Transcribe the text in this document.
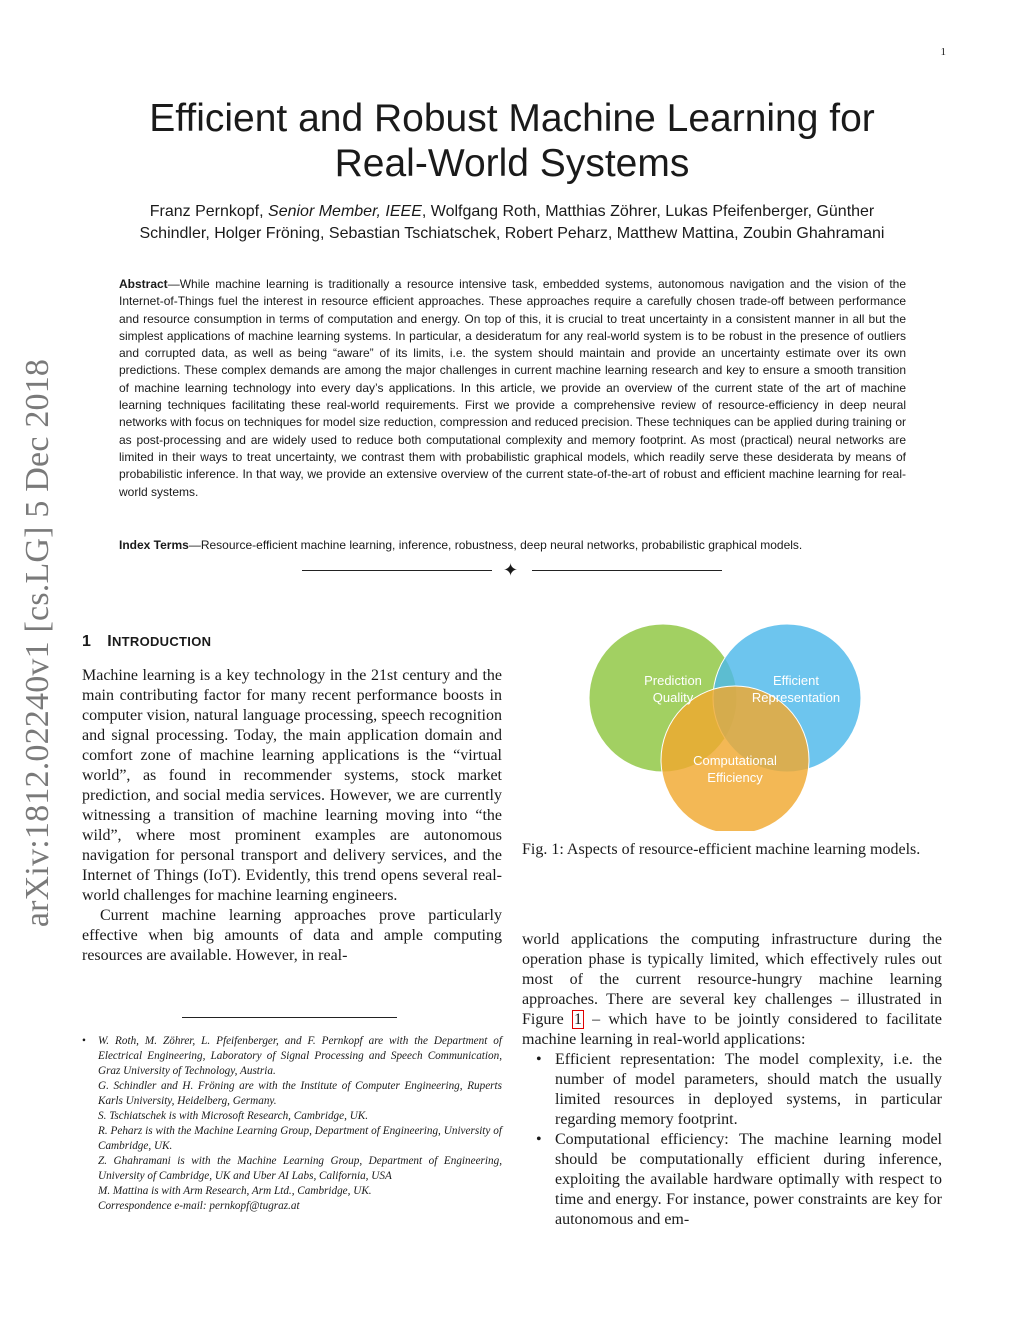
1
arXiv:1812.02240v1 [cs.LG] 5 Dec 2018
Efficient and Robust Machine Learning for
Real-World Systems
Franz Pernkopf, Senior Member, IEEE, Wolfgang Roth, Matthias Zöhrer, Lukas Pfeifenberger, Günther
Schindler, Holger Fröning, Sebastian Tschiatschek, Robert Peharz, Matthew Mattina, Zoubin Ghahramani
Abstract—While machine learning is traditionally a resource intensive task, embedded systems, autonomous navigation and the vision of the Internet-of-Things fuel the interest in resource efficient approaches. These approaches require a carefully chosen trade-off between performance and resource consumption in terms of computation and energy. On top of this, it is crucial to treat uncertainty in a consistent manner in all but the simplest applications of machine learning systems. In particular, a desideratum for any real-world system is to be robust in the presence of outliers and corrupted data, as well as being “aware” of its limits, i.e. the system should maintain and provide an uncertainty estimate over its own predictions. These complex demands are among the major challenges in current machine learning research and key to ensure a smooth transition of machine learning technology into every day’s applications. In this article, we provide an overview of the current state of the art of machine learning techniques facilitating these real-world requirements. First we provide a comprehensive review of resource-efficiency in deep neural networks with focus on techniques for model size reduction, compression and reduced precision. These techniques can be applied during training or as post-processing and are widely used to reduce both computational complexity and memory footprint. As most (practical) neural networks are limited in their ways to treat uncertainty, we contrast them with probabilistic graphical models, which readily serve these desiderata by means of probabilistic inference. In that way, we provide an extensive overview of the current state-of-the-art of robust and efficient machine learning for real-world systems.
Index Terms—Resource-efficient machine learning, inference, robustness, deep neural networks, probabilistic graphical models.
✦
1 INTRODUCTION

Machine learning is a key technology in the 21st century and the main contributing factor for many recent performance boosts in computer vision, natural language processing, speech recognition and signal processing. Today, the main application domain and comfort zone of machine learning applications is the “virtual world”, as found in recommender systems, stock market prediction, and social media services. However, we are currently witnessing a transition of machine learning moving into “the wild”, where most prominent examples are autonomous navigation for personal transport and delivery services, and the Internet of Things (IoT). Evidently, this trend opens several real-world challenges for machine learning engineers.

Current machine learning approaches prove particularly effective when big amounts of data and ample computing resources are available. However, in real-

• W. Roth, M. Zöhrer, L. Pfeifenberger, and F. Pernkopf are with the Department of Electrical Engineering, Laboratory of Signal Processing and Speech Communication, Graz University of Technology, Austria.
G. Schindler and H. Fröning are with the Institute of Computer Engineering, Ruperts Karls University, Heidelberg, Germany.
S. Tschiatschek is with Microsoft Research, Cambridge, UK.
R. Peharz is with the Machine Learning Group, Department of Engineering, University of Cambridge, UK.
Z. Ghahramani is with the Machine Learning Group, Department of Engineering, University of Cambridge, UK and Uber AI Labs, California, USA
M. Mattina is with Arm Research, Arm Ltd., Cambridge, UK.
Correspondence e-mail: pernkopf@tugraz.at
Prediction
Quality
Efficient
Representation
Computational
Efficiency
Fig. 1: Aspects of resource-efficient machine learning models.

world applications the computing infrastructure during the operation phase is typically limited, which effectively rules out most of the current resource-hungry machine learning approaches. There are several key challenges – illustrated in Figure 1 – which have to be jointly considered to facilitate machine learning in real-world applications:

• Efficient representation: The model complexity, i.e. the number of model parameters, should match the usually limited resources in deployed systems, in particular regarding memory footprint.
• Computational efficiency: The machine learning model should be computationally efficient during inference, exploiting the available hardware optimally with respect to time and energy. For instance, power constraints are key for autonomous and em-
